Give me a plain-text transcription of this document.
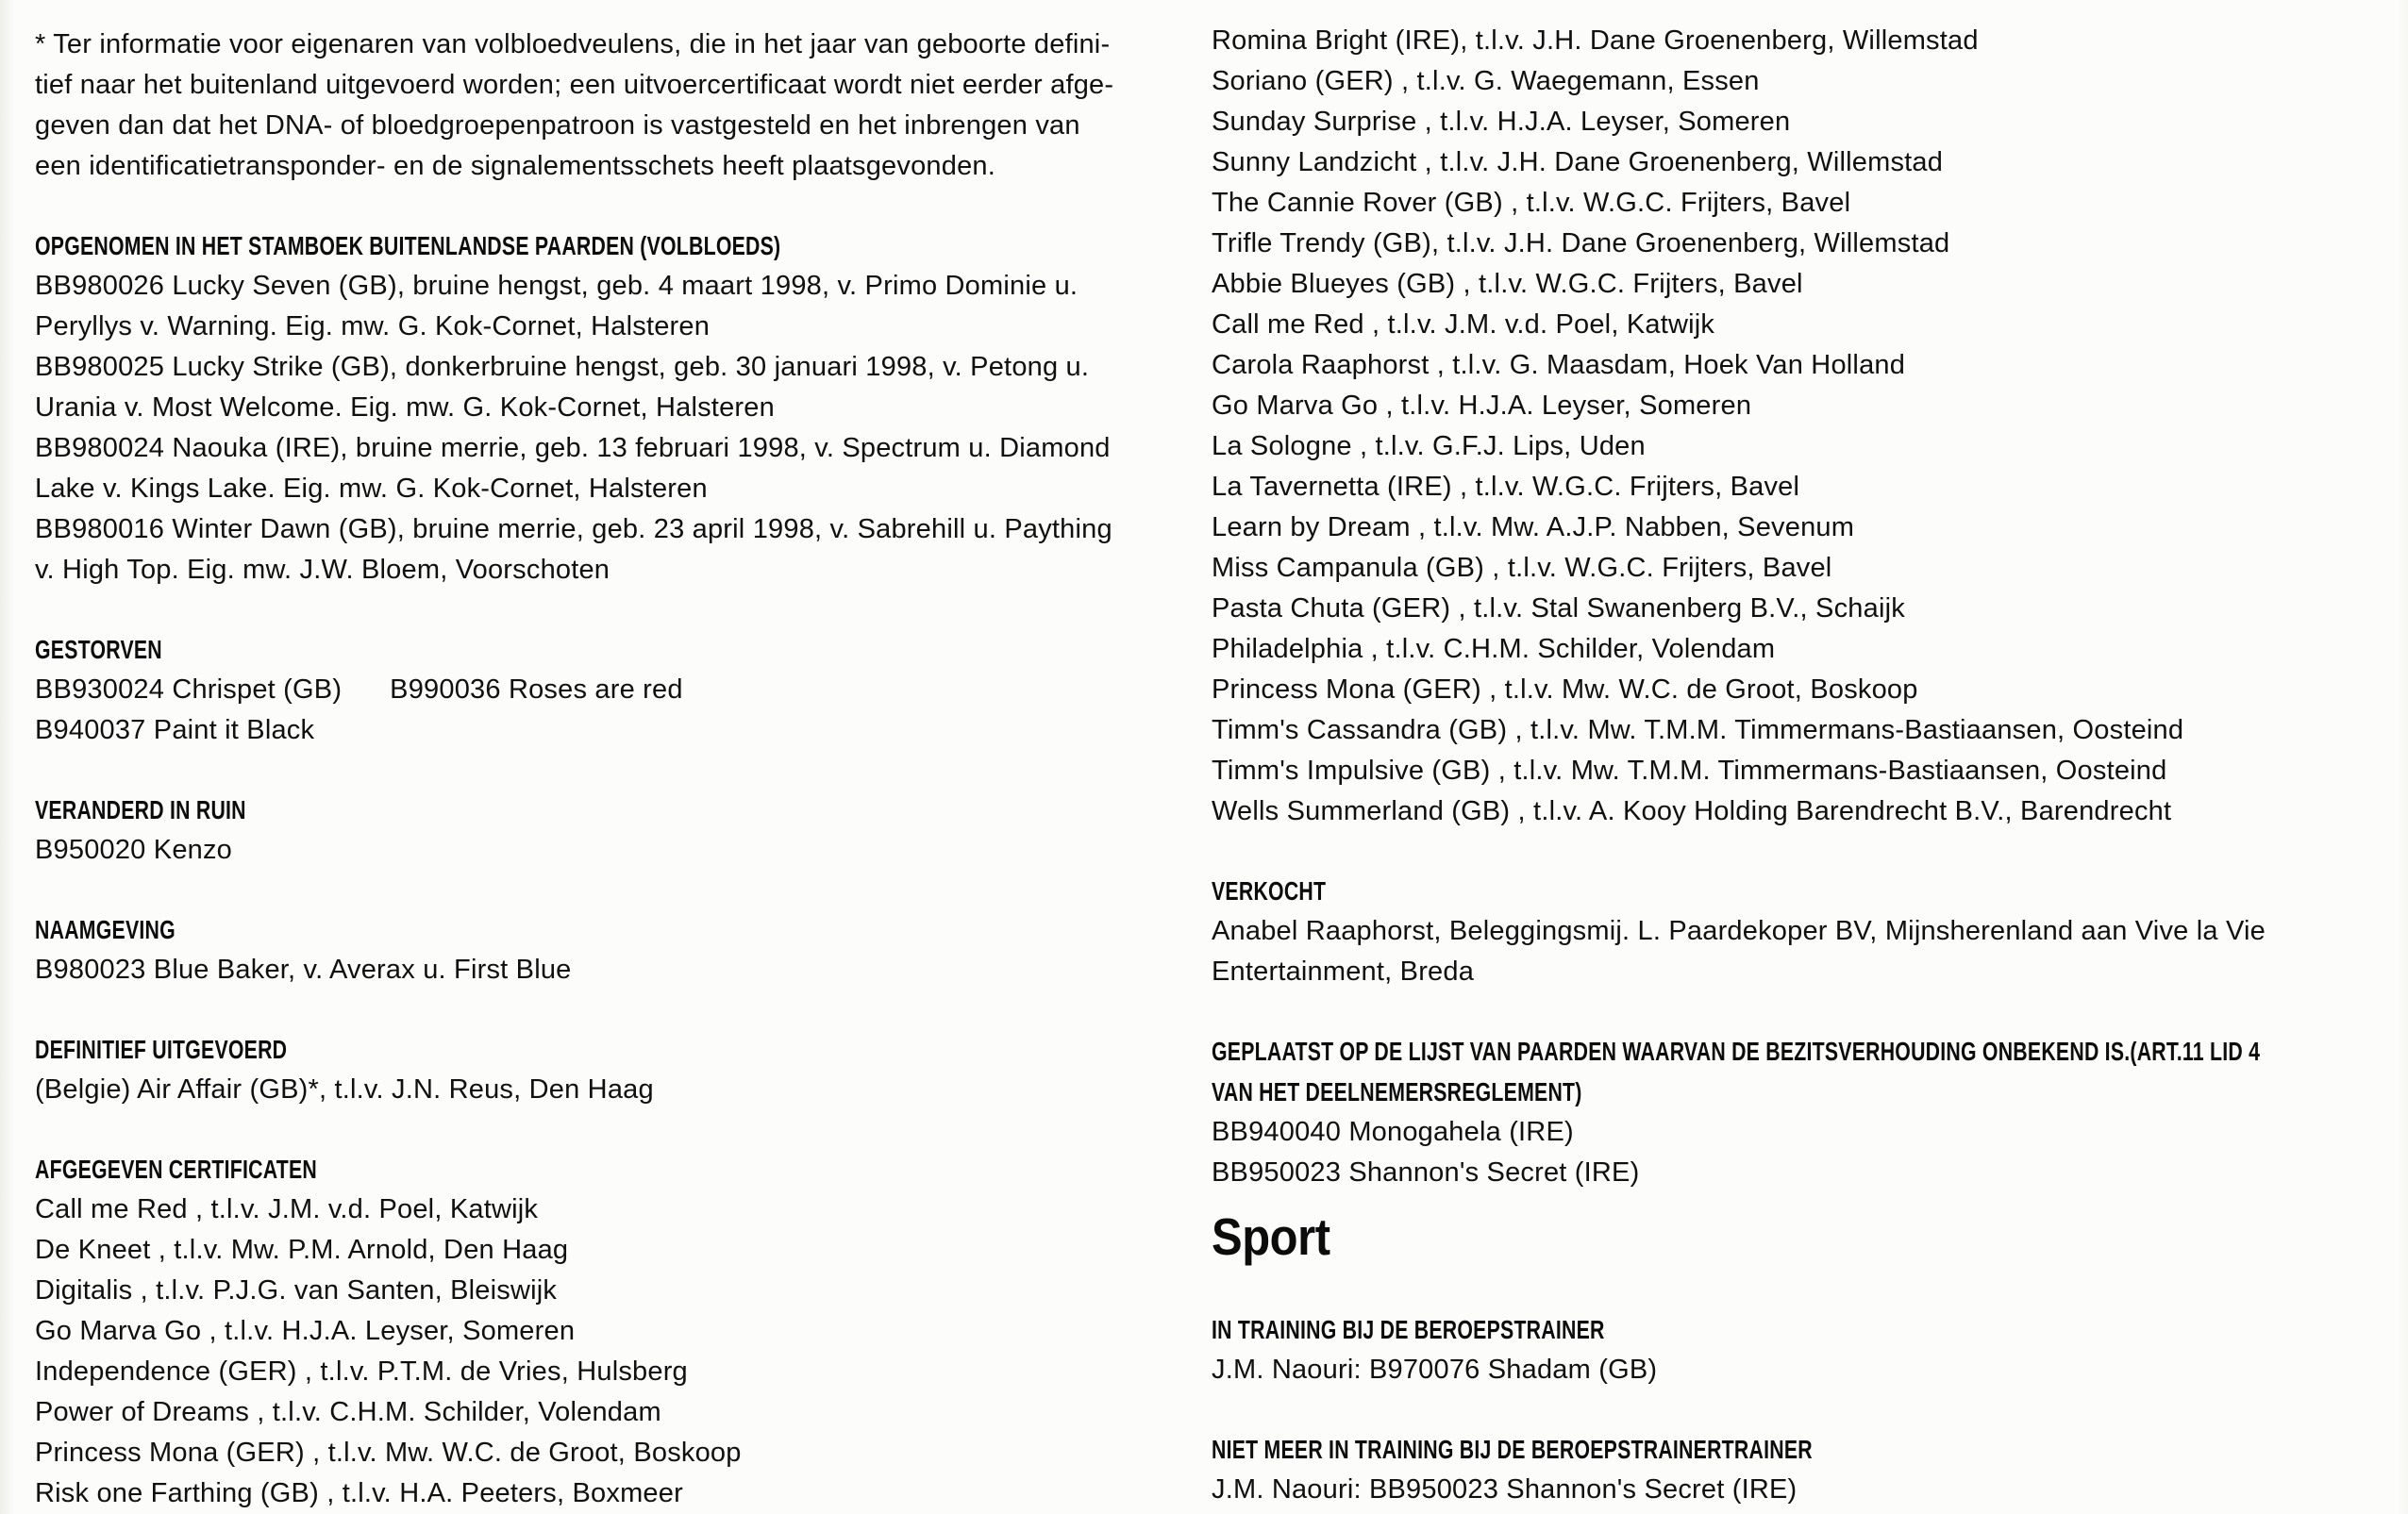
* Ter informatie voor eigenaren van volbloedveulens, die in het jaar van geboorte defini-
tief naar het buitenland uitgevoerd worden; een uitvoercertificaat wordt niet eerder afge-
geven dan dat het DNA- of bloedgroepenpatroon is vastgesteld en het inbrengen van
een identificatietransponder- en de signalementsschets heeft plaatsgevonden.
OPGENOMEN IN HET STAMBOEK BUITENLANDSE PAARDEN (VOLBLOEDS)
BB980026 Lucky Seven (GB), bruine hengst, geb. 4 maart 1998, v. Primo Dominie u.
Peryllys v. Warning. Eig. mw. G. Kok-Cornet, Halsteren
BB980025 Lucky Strike (GB), donkerbruine hengst, geb. 30 januari 1998, v. Petong u.
Urania v. Most Welcome. Eig. mw. G. Kok-Cornet, Halsteren
BB980024 Naouka (IRE), bruine merrie, geb. 13 februari 1998, v. Spectrum u. Diamond
Lake v. Kings Lake. Eig. mw. G. Kok-Cornet, Halsteren
BB980016 Winter Dawn (GB), bruine merrie, geb. 23 april 1998, v. Sabrehill u. Paything
v. High Top. Eig. mw. J.W. Bloem, Voorschoten
GESTORVEN
BB930024 Chrispet (GB) B990036 Roses are red
B940037 Paint it Black
VERANDERD IN RUIN
B950020 Kenzo
NAAMGEVING
B980023 Blue Baker, v. Averax u. First Blue
DEFINITIEF UITGEVOERD
(Belgie) Air Affair (GB)*, t.l.v. J.N. Reus, Den Haag
AFGEGEVEN CERTIFICATEN
Call me Red , t.l.v. J.M. v.d. Poel, Katwijk
De Kneet , t.l.v. Mw. P.M. Arnold, Den Haag
Digitalis , t.l.v. P.J.G. van Santen, Bleiswijk
Go Marva Go , t.l.v. H.J.A. Leyser, Someren
Independence (GER) , t.l.v. P.T.M. de Vries, Hulsberg
Power of Dreams , t.l.v. C.H.M. Schilder, Volendam
Princess Mona (GER) , t.l.v. Mw. W.C. de Groot, Boskoop
Risk one Farthing (GB) , t.l.v. H.A. Peeters, Boxmeer
Romina Bright (IRE), t.l.v. J.H. Dane Groenenberg, Willemstad
Soriano (GER) , t.l.v. G. Waegemann, Essen
Sunday Surprise , t.l.v. H.J.A. Leyser, Someren
Sunny Landzicht , t.l.v. J.H. Dane Groenenberg, Willemstad
The Cannie Rover (GB) , t.l.v. W.G.C. Frijters, Bavel
Trifle Trendy (GB), t.l.v. J.H. Dane Groenenberg, Willemstad
Abbie Blueyes (GB) , t.l.v. W.G.C. Frijters, Bavel
Call me Red , t.l.v. J.M. v.d. Poel, Katwijk
Carola Raaphorst , t.l.v. G. Maasdam, Hoek Van Holland
Go Marva Go , t.l.v. H.J.A. Leyser, Someren
La Sologne , t.l.v. G.F.J. Lips, Uden
La Tavernetta (IRE) , t.l.v. W.G.C. Frijters, Bavel
Learn by Dream , t.l.v. Mw. A.J.P. Nabben, Sevenum
Miss Campanula (GB) , t.l.v. W.G.C. Frijters, Bavel
Pasta Chuta (GER) , t.l.v. Stal Swanenberg B.V., Schaijk
Philadelphia , t.l.v. C.H.M. Schilder, Volendam
Princess Mona (GER) , t.l.v. Mw. W.C. de Groot, Boskoop
Timm's Cassandra (GB) , t.l.v. Mw. T.M.M. Timmermans-Bastiaansen, Oosteind
Timm's Impulsive (GB) , t.l.v. Mw. T.M.M. Timmermans-Bastiaansen, Oosteind
Wells Summerland (GB) , t.l.v. A. Kooy Holding Barendrecht B.V., Barendrecht
VERKOCHT
Anabel Raaphorst, Beleggingsmij. L. Paardekoper BV, Mijnsherenland aan Vive la Vie
Entertainment, Breda
GEPLAATST OP DE LIJST VAN PAARDEN WAARVAN DE BEZITSVERHOUDING ONBEKEND IS.(ART.11 LID 4
VAN HET DEELNEMERSREGLEMENT)
BB940040 Monogahela (IRE)
BB950023 Shannon's Secret (IRE)
Sport
IN TRAINING BIJ DE BEROEPSTRAINER
J.M. Naouri: B970076 Shadam (GB)
NIET MEER IN TRAINING BIJ DE BEROEPSTRAINERTRAINER
J.M. Naouri: BB950023 Shannon's Secret (IRE)
